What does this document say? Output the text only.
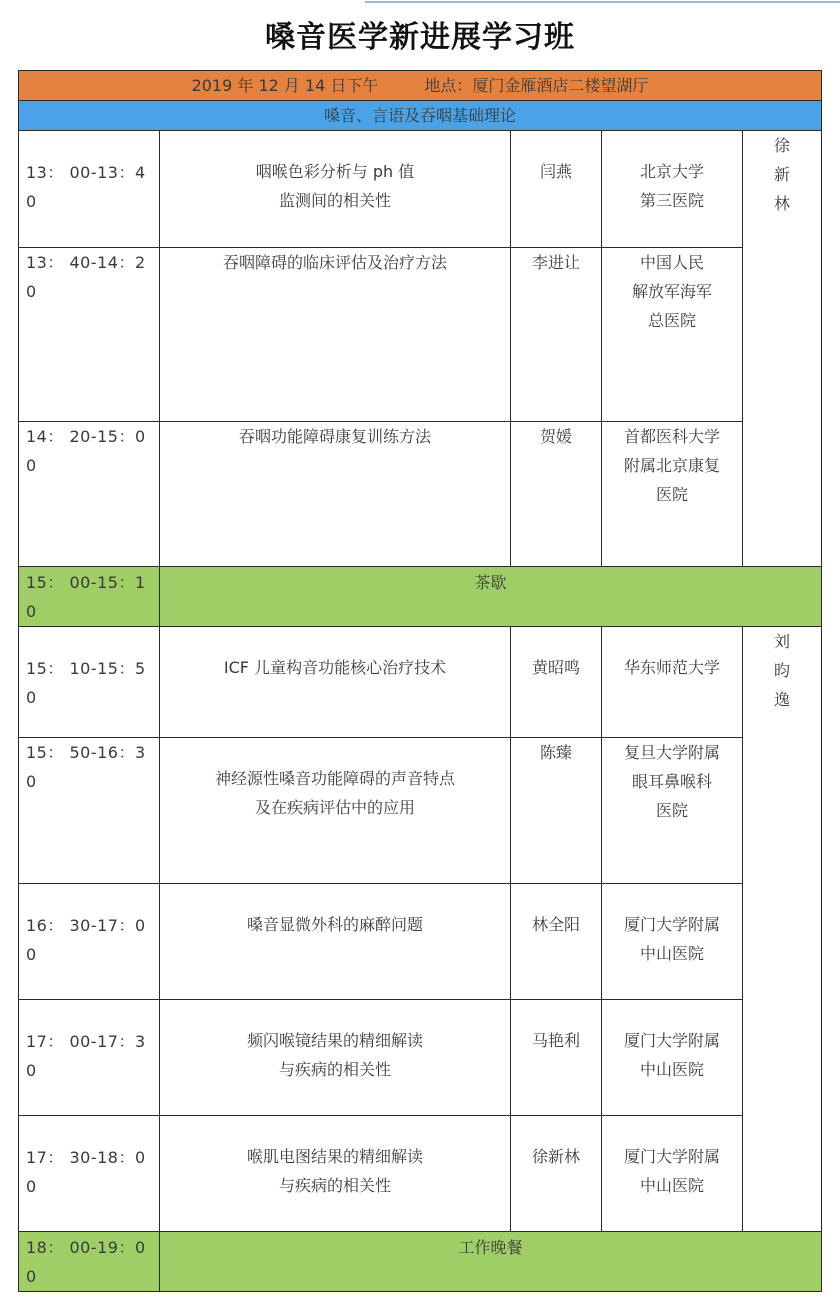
嗓音医学新进展学习班
2019 年 12 月 14 日下午 地点：厦门金雁酒店二楼望湖厅				
嗓音、言语及吞咽基础理论				
13： 00-13：40	咽喉色彩分析与 ph 值
监测间的相关性	闫燕	北京大学
第三医院	徐新林
13： 40-14：20	吞咽障碍的临床评估及治疗方法	李进让	中国人民
解放军海军
总医院	

14： 20-15：00	吞咽功能障碍康复训练方法	贺媛	首都医科大学
附属北京康复
医院	

15： 00-15：10	茶歇			
15： 10-15：50	ICF 儿童构音功能核心治疗技术	黄昭鸣	华东师范大学	刘昀逸
15： 50-16：30	神经源性嗓音功能障碍的声音特点
及在疾病评估中的应用	陈臻	复旦大学附属
眼耳鼻喉科
医院	

16： 30-17：00	嗓音显微外科的麻醉问题	林全阳	厦门大学附属
中山医院	

17： 00-17：30	频闪喉镜结果的精细解读
与疾病的相关性	马艳利	厦门大学附属
中山医院	

17： 30-18：00	喉肌电图结果的精细解读
与疾病的相关性	徐新林	厦门大学附属
中山医院	

18： 00-19：00	工作晚餐			
